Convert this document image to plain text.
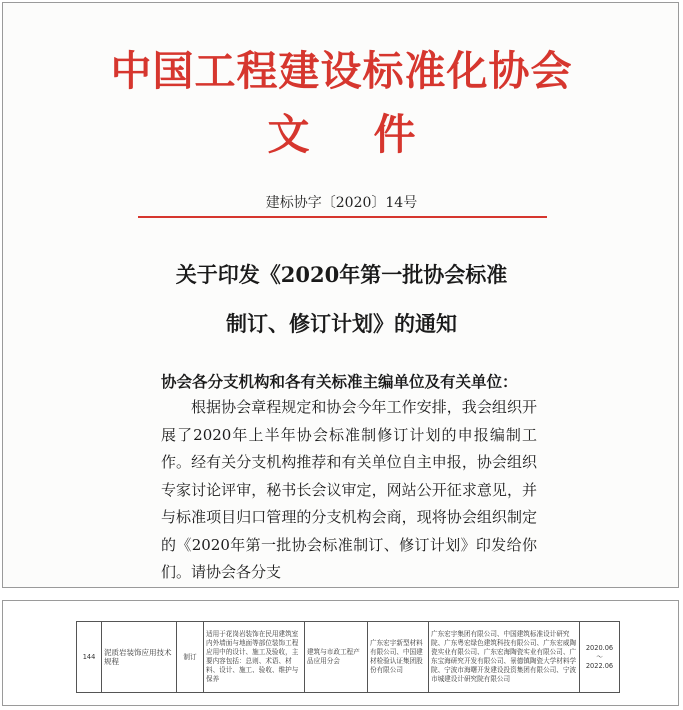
中国工程建设标准化协会
文件
建标协字〔2020〕14号
关于印发《2020年第一批协会标准
制订、修订计划》的通知
协会各分支机构和各有关标准主编单位及有关单位：
根据协会章程规定和协会今年工作安排，我会组织开展了2020年上半年协会标准制修订计划的申报编制工作。经有关分支机构推荐和有关单位自主申报，协会组织专家讨论评审，秘书长会议审定，网站公开征求意见，并与标准项目归口管理的分支机构会商，现将协会组织制定的《2020年第一批协会标准制订、修订计划》印发给你们。请协会各分支
144	泥质岩装饰应用技术规程	制订	适用于花岗岩装饰在民用建筑室内外墙面与地面等部位装饰工程应用中的设计、施工及验收，主要内容包括：总则、术语、材料、设计、施工、验收、维护与保养	建筑与市政工程产品应用分会	广东宏宇新型材料有限公司、中国建材检验认证集团股份有限公司	广东宏宇集团有限公司、中国建筑标准设计研究院、广东粤宏绿色建筑科技有限公司、广东宏威陶瓷实业有限公司、广东宏海陶瓷实业有限公司、广东宝海研究开发有限公司、景德镇陶瓷大学材料学院、宁波市海曙开发建设投资集团有限公司、宁波市城建设计研究院有限公司	2020.06
～
2022.06
